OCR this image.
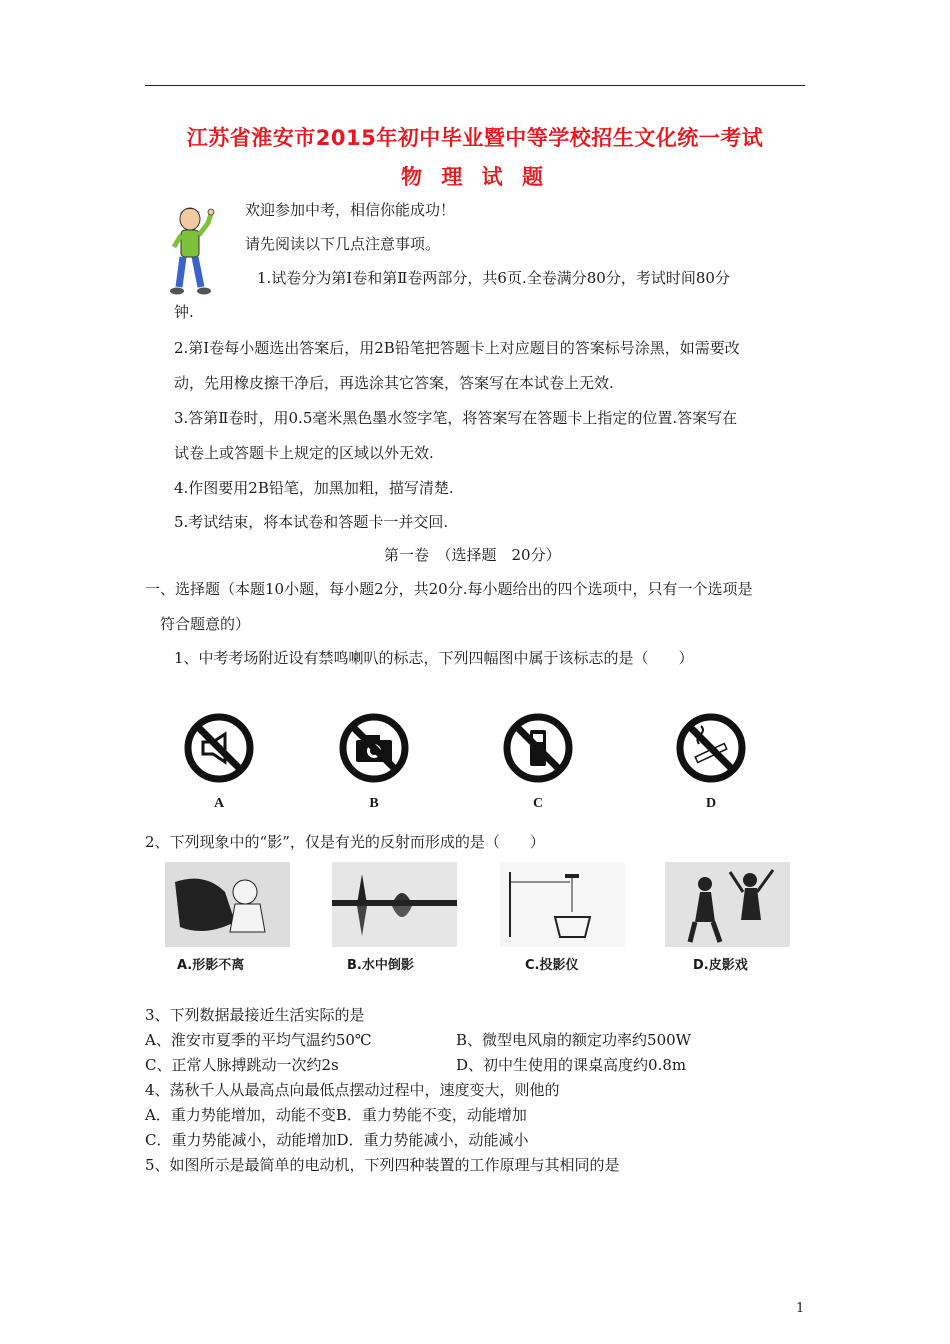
江苏省淮安市2015年初中毕业暨中等学校招生文化统一考试
物 理 试 题
欢迎参加中考，相信你能成功！
请先阅读以下几点注意事项。
1.试卷分为第Ⅰ卷和第Ⅱ卷两部分，共6页.全卷满分80分，考试时间80分
钟.
2.第Ⅰ卷每小题选出答案后，用2B铅笔把答题卡上对应题目的答案标号涂黑，如需要改
动，先用橡皮擦干净后，再选涂其它答案，答案写在本试卷上无效.
3.答第Ⅱ卷时，用0.5毫米黑色墨水签字笔，将答案写在答题卡上指定的位置.答案写在
试卷上或答题卡上规定的区域以外无效.
4.作图要用2B铅笔，加黑加粗，描写清楚.
5.考试结束，将本试卷和答题卡一并交回.
第一卷　（选择题　20分）
一、选择题（本题10小题，每小题2分，共20分.每小题给出的四个选项中，只有一个选项是
符合题意的）
1、中考考场附近设有禁鸣喇叭的标志，下列四幅图中属于该标志的是（　　）
A	B	C	D
2、下列现象中的“影”，仅是有光的反射而形成的是（　　）
A.形影不离	B.水中倒影	C.投影仪	D.皮影戏
3、下列数据最接近生活实际的是
A、淮安市夏季的平均气温约50℃	B、微型电风扇的额定功率约500W
C、正常人脉搏跳动一次约2s	D、初中生使用的课桌高度约0.8m
4、荡秋千人从最高点向最低点摆动过程中，速度变大，则他的
A．重力势能增加，动能不变B．重力势能不变，动能增加
C．重力势能减小，动能增加D．重力势能减小，动能减小
5、如图所示是最简单的电动机，下列四种装置的工作原理与其相同的是
1
